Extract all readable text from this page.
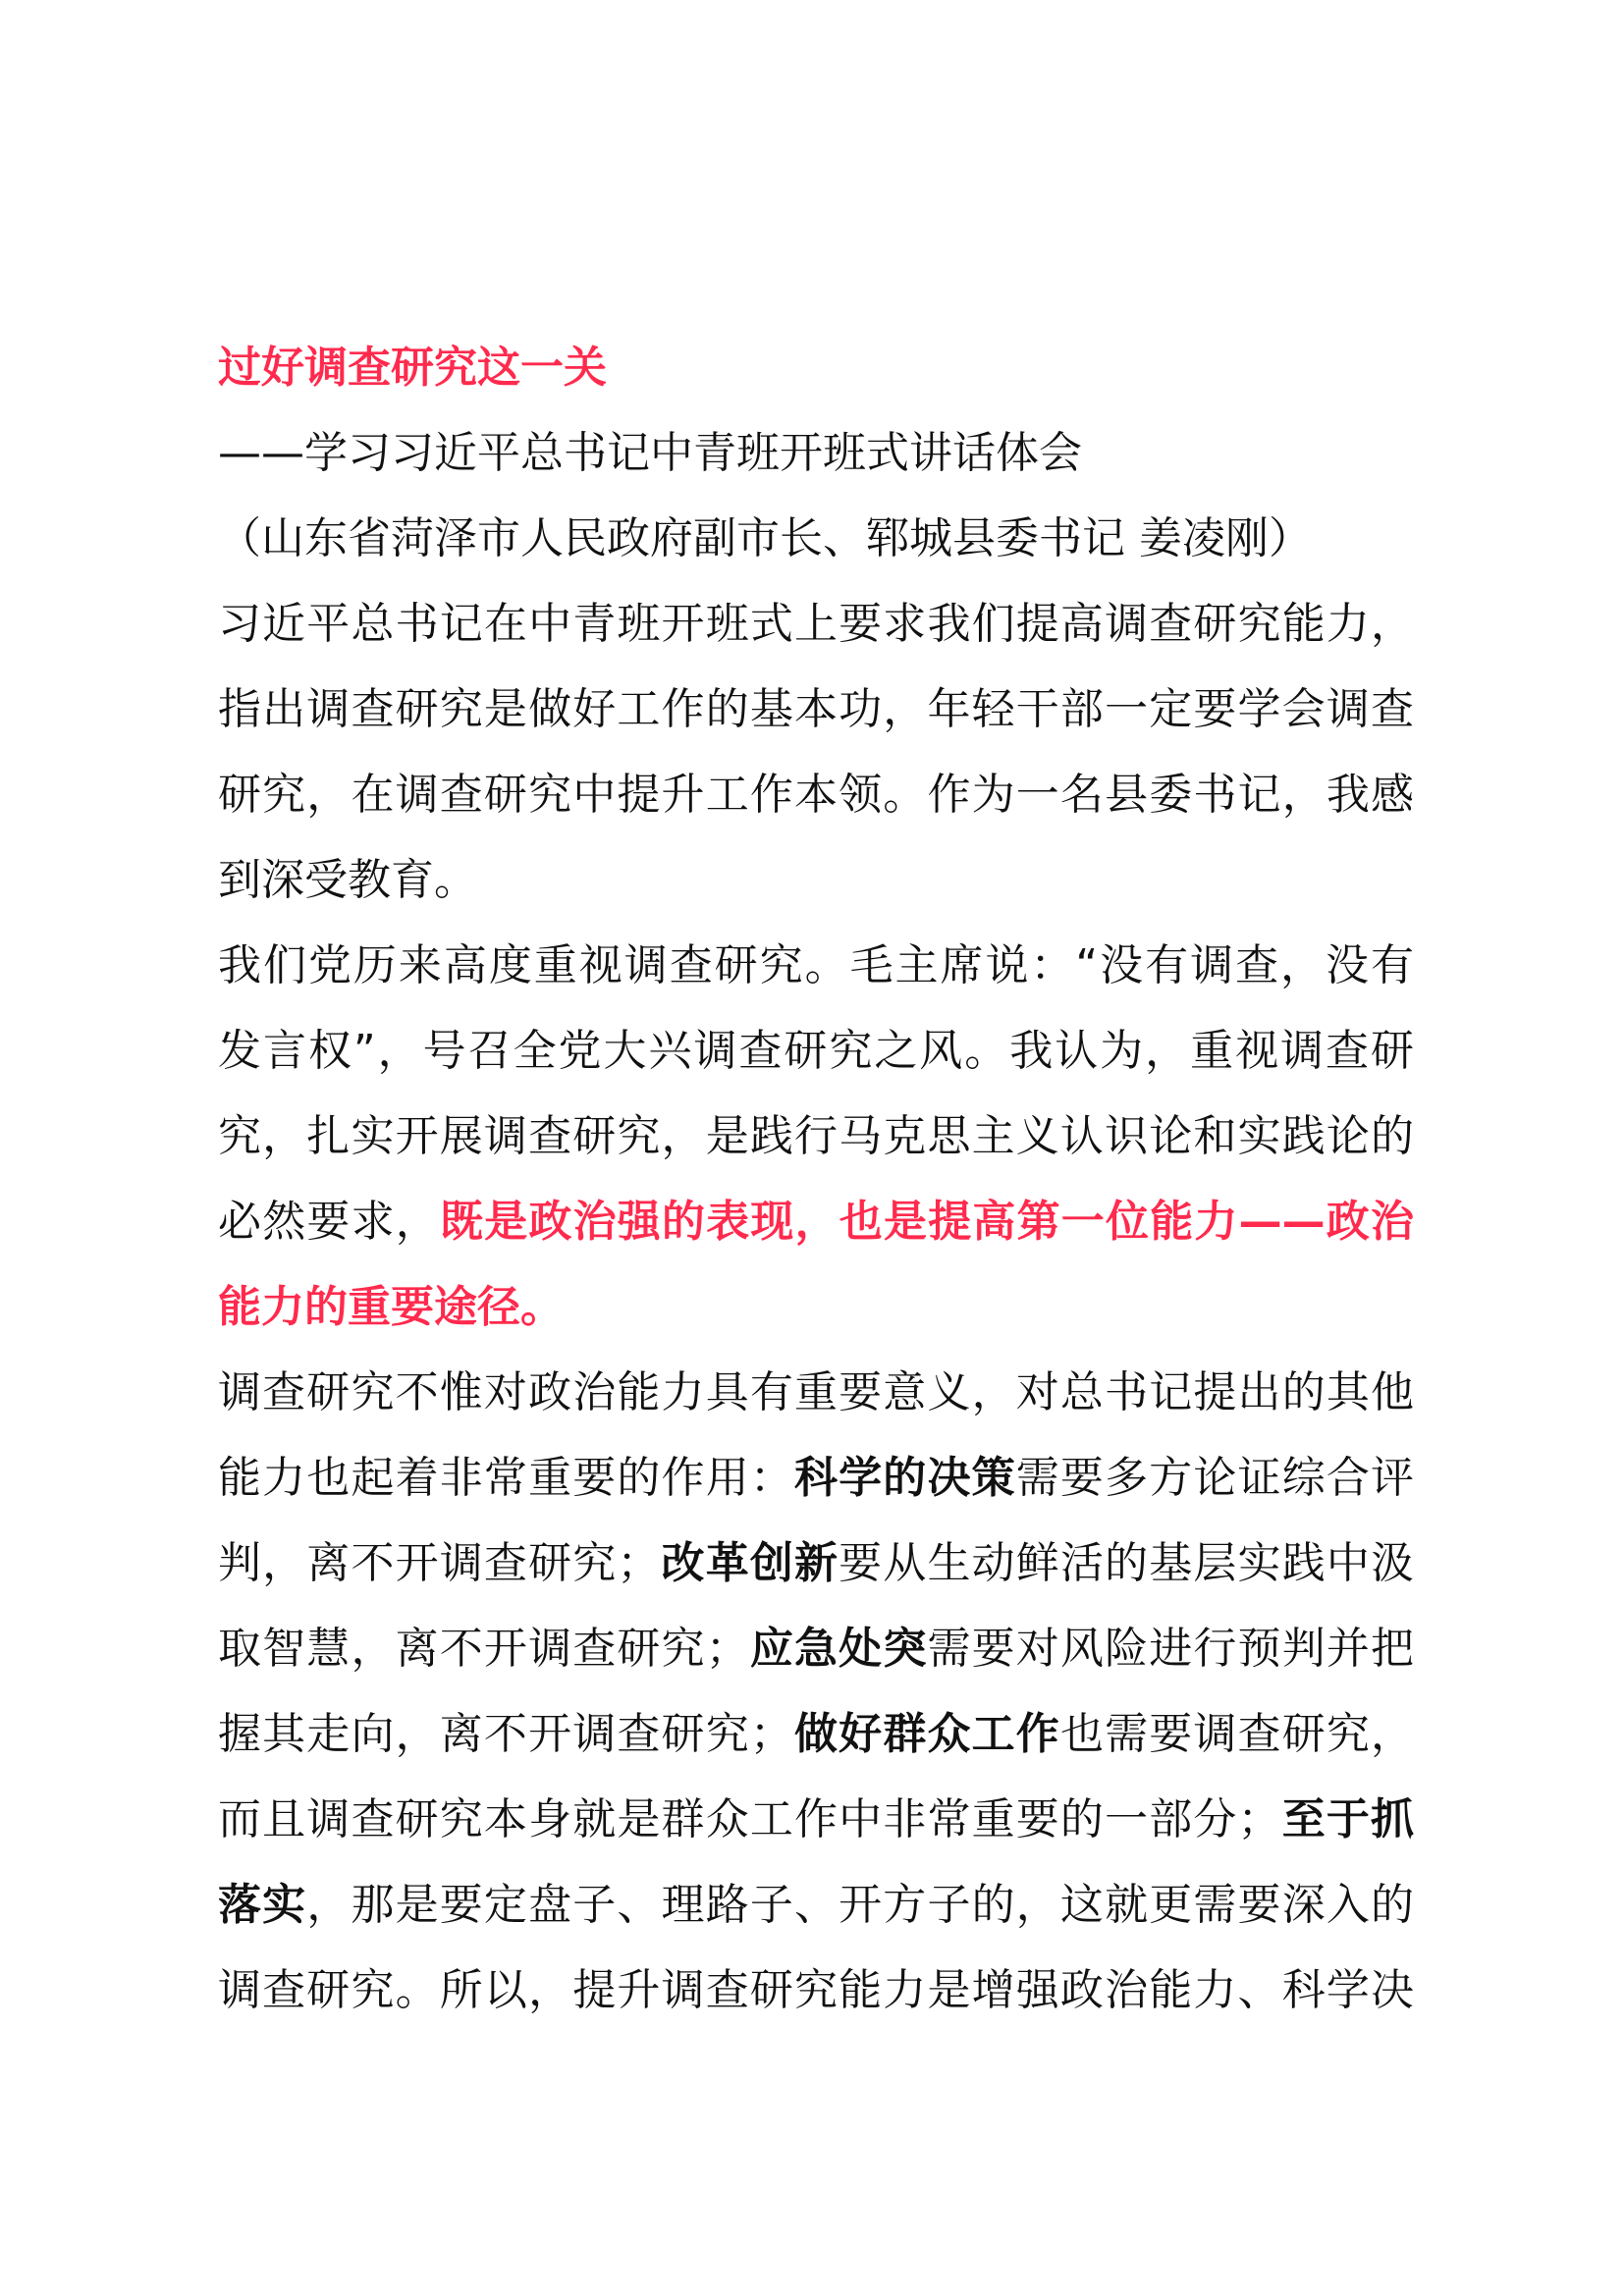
过好调查研究这一关
——学习习近平总书记中青班开班式讲话体会
（山东省菏泽市人民政府副市长、郓城县委书记 姜凌刚）
习近平总书记在中青班开班式上要求我们提高调查研究能力，
指出调查研究是做好工作的基本功，年轻干部一定要学会调查
研究，在调查研究中提升工作本领。作为一名县委书记，我感
到深受教育。
我们党历来高度重视调查研究。毛主席说：“没有调查，没有
发言权”，号召全党大兴调查研究之风。我认为，重视调查研
究，扎实开展调查研究，是践行马克思主义认识论和实践论的
必然要求，既是政治强的表现，也是提高第一位能力——政治
能力的重要途径。
调查研究不惟对政治能力具有重要意义，对总书记提出的其他
能力也起着非常重要的作用：科学的决策需要多方论证综合评
判，离不开调查研究；改革创新要从生动鲜活的基层实践中汲
取智慧，离不开调查研究；应急处突需要对风险进行预判并把
握其走向，离不开调查研究；做好群众工作也需要调查研究，
而且调查研究本身就是群众工作中非常重要的一部分；至于抓
落实，那是要定盘子、理路子、开方子的，这就更需要深入的
调查研究。所以，提升调查研究能力是增强政治能力、科学决
